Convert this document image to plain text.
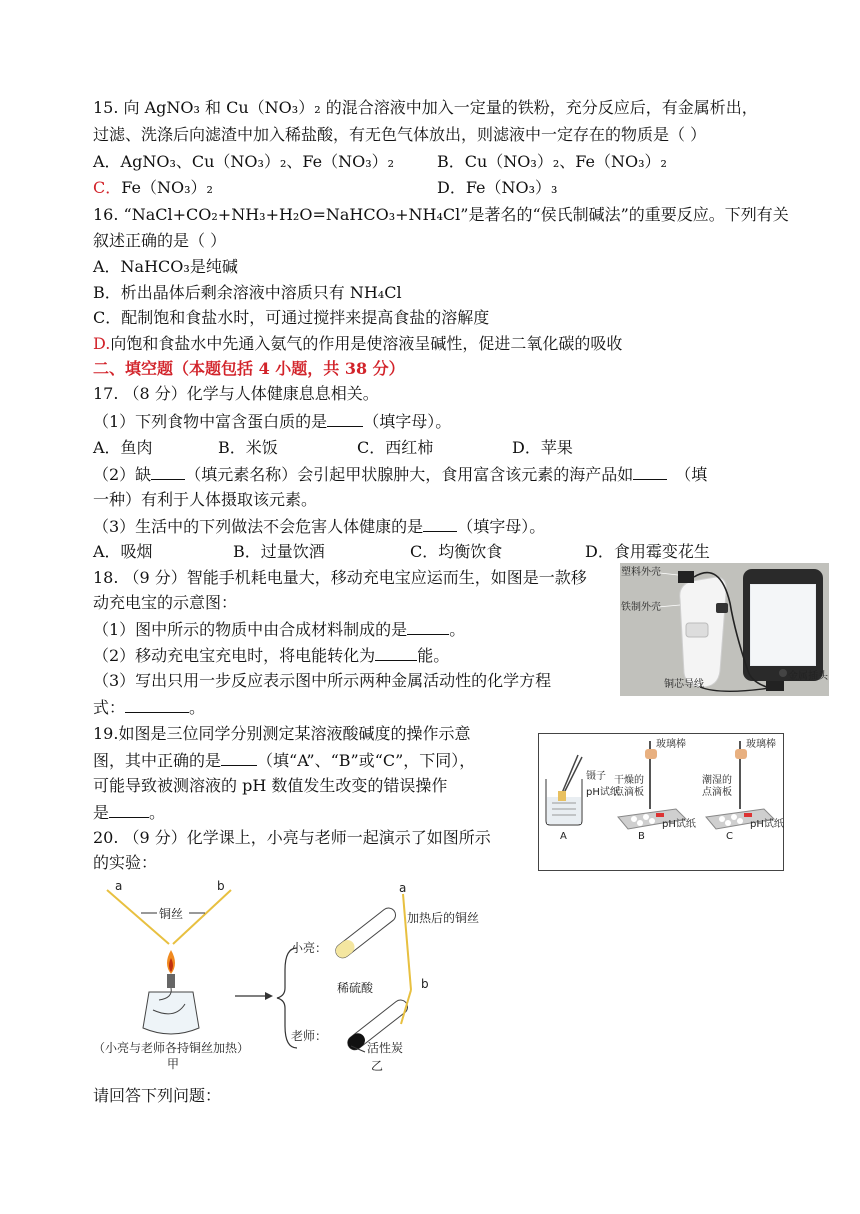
15. 向 AgNO₃ 和 Cu（NO₃）₂ 的混合溶液中加入一定量的铁粉，充分反应后，有金属析出，
过滤、洗涤后向滤渣中加入稀盐酸，有无色气体放出，则滤液中一定存在的物质是（ ）
A．AgNO₃、Cu（NO₃）₂、Fe（NO₃）₂	B．Cu（NO₃）₂、Fe（NO₃）₂
C．Fe（NO₃）₂	D．Fe（NO₃）₃
16. “NaCl+CO₂+NH₃+H₂O=NaHCO₃+NH₄Cl”是著名的“侯氏制碱法”的重要反应。下列有关
叙述正确的是（ ）
A．NaHCO₃是纯碱
B．析出晶体后剩余溶液中溶质只有 NH₄Cl
C．配制饱和食盐水时，可通过搅拌来提高食盐的溶解度
D.向饱和食盐水中先通入氨气的作用是使溶液呈碱性，促进二氧化碳的吸收
二、填空题（本题包括 4 小题，共 38 分）
17. （8 分）化学与人体健康息息相关。
（1）下列食物中富含蛋白质的是 （填字母）。
A．鱼肉	B．米饭	C．西红柿	D．苹果
（2）缺 （填元素名称）会引起甲状腺肿大，食用富含该元素的海产品如	（填
一种）有利于人体摄取该元素。
（3）生活中的下列做法不会危害人体健康的是 （填字母）。
A．吸烟	B．过量饮酒	C．均衡饮食	D．食用霉变花生
18. （9 分）智能手机耗电量大，移动充电宝应运而生，如图是一款移
动充电宝的示意图：
（1）图中所示的物质中由合成材料制成的是	。
（2）移动充电宝充电时，将电能转化为	能。
（3）写出只用一步反应表示图中所示两种金属活动性的化学方程
式：	。
塑料外壳
铁制外壳
铜芯导线
金属插头
19.如图是三位同学分别测定某溶液酸碱度的操作示意
图，其中正确的是 （填“A”、“B”或“C”，下同），
可能导致被测溶液的 pH 数值发生改变的错误操作
是	。
镊子
pH试纸
A
玻璃棒
干燥的
点滴板
pH试纸
B
玻璃棒
潮湿的
点滴板
pH试纸
C
20. （9 分）化学课上，小亮与老师一起演示了如图所示
的实验：
a	b
铜丝
（小亮与老师各持铜丝加热）
甲
小亮：
老师：
a
加热后的铜丝
稀硫酸	b
活性炭
乙
请回答下列问题：
